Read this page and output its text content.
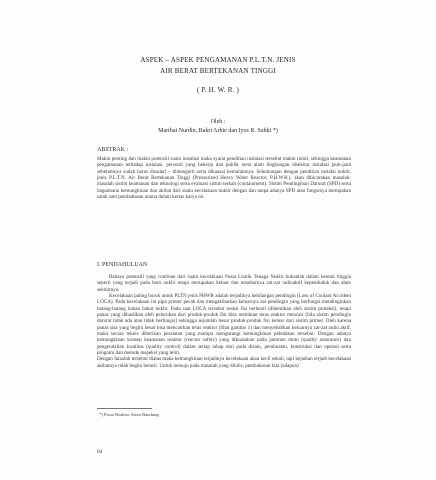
ASPEK – ASPEK PENGAMANAN P.L.T.N. JENIS
AIR BERAT BERTEKANAN TINGGI
( P. H. W. R. )
Oleh :
Marthai Nurdin, Bakri Arbie dan Iyos R. Subki *)
ABSTRAK :

Makin penting dan makin potensiil suatu instalasi maka syarat penditian instalasi tersebut makin rumit, sehingga keamanan pengamanan terhadap instalasi, personil yang bekerja dan publik serta alam lingkungan disekitar instalasi jauh-jauh sebelumnya sudah harus disadari – dimengerti serta dikuasai kemulainnya. Sehubungan dengan penditian instalai nuklir, jenis P.L.T.N. Air Berat Bertekanan Tinggi (Pressurized Heavy Water Reactor, P.H.W.R.), akan dibicarakan masalah-masalah sistim keamanan dan teknologi serta evaluasi sistim terkait (containment). Sistim Pendinginan Darurat (SPD) serta bagaimana kemungkinan dan akibat dari suatu kecelakaan nuklir dengan dan tanpa adanya SPD atau fungsinya merupakan salah satu pembahasan utama dalam kertas karya ini.

I. PENDAHULUAN

Bahaya potensiil yang continue dari suatu kecelakaan Pusat Listrik Tenaga Nuklir bukanlah dalam bentuk tinggia seperti yang terjadi pada bom nuklir tetapi merupakan keluar dan tersebarnya zat-zat radioaktif kependuduk dan alam sekitarnya.

Kecelakaan paling buruk untuk PLTN jenis PHWR adalah terjadinya kehilangan pendingin (Loss of Coolant Accident LOCA). Pada kecelakaan ini pipa primer pecah dan mengakibatkan keluarnya zat pendingin yang berfungsi mendinginkan batang-batang bahan bakar nuklir. Pada saat LOCA tersebut reaksi fisi berhenti (dihentikan oleh sistim proteksi), tetapi panas yang dihasilkan oleh peluruhan dari produk-produk fisi bisa membuat teras reaktor mencair (bila sistim pendingin darurat tidak ada atau tidak berfungsi) sehingga sejumlah besar produk-produk fisi keluar dari sistim primer. Oleh karena panas sisa yang begitu besar bisa mencairkan teras reaktor (lihat gambar 1) dan menyebabkan keluarnya zat-zat radio aktif, maka secara teknis diberikan peralatan yang mampu mengurangi kemungkinan peledakan tersebut. Dengan adanya kemungkinan konsep keamanan reaktor (reactor safety) yang dikuasakan pada jaminan mutu (quality assurance) dan pengendalian kwalitas (quality control) dalam setiap tahap dari pada disain, pembuatan, konstruksi dan operasi serta program dan metode inspeksi yang teliti.

Dengan falsafah tersebut diatas maka kemungkinan terjadinya kecelakaan akan kecil sekali, tapi kejadian terjadi kecelakaan akibatnya tidak begitu berarti. Untuk menuju pada masalah yang ditulis, pembahasan kita (adapun)

*) Pusat Reaktor Atom Bandung.
84
